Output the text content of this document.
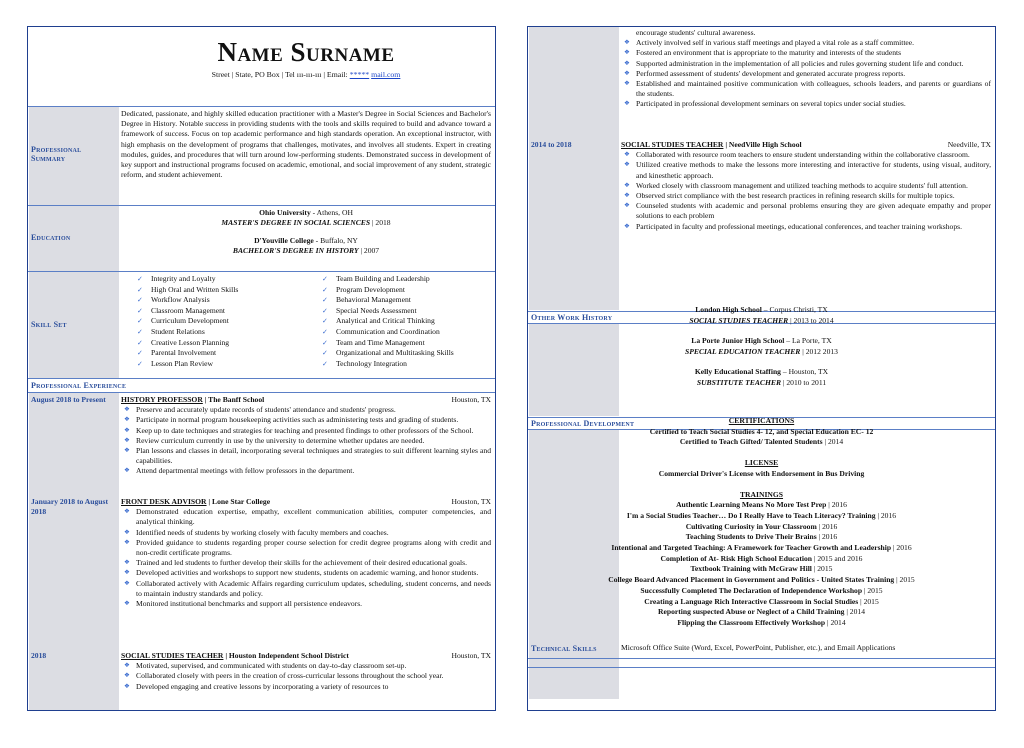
Name Surname
Street | State, PO Box | Tel ııı-ııı-ııı | Email: ***** mail.com
Professional Summary
Dedicated, passionate, and highly skilled education practitioner with a Master's Degree in Social Sciences and Bachelor's Degree in History. Notable success in providing students with the tools and skills required to build and advance toward a framework of success. Focus on top academic performance and high standards operation. An exceptional instructor, with high emphasis on the development of programs that challenges, motivates, and involves all students. Expert in creating modules, guides, and procedures that will turn around low-performing students. Demonstrated success in development of key support and instructional programs focused on academic, emotional, and social improvement of any student, strategic reform, and student achievement.
Education
Ohio University - Athens, OH
MASTER'S DEGREE IN SOCIAL SCIENCES | 2018
D'Youville College - Buffalo, NY
BACHELOR'S DEGREE IN HISTORY | 2007
Skill Set
✓ Integrity and Loyalty
✓ High Oral and Written Skills
✓ Workflow Analysis
✓ Classroom Management
✓ Curriculum Development
✓ Student Relations
✓ Creative Lesson Planning
✓ Parental Involvement
✓ Lesson Plan Review
✓ Team Building and Leadership
✓ Program Development
✓ Behavioral Management
✓ Special Needs Assessment
✓ Analytical and Critical Thinking
✓ Communication and Coordination
✓ Team and Time Management
✓ Organizational and Multitasking Skills
✓ Technology Integration
Professional Experience
August 2018 to Present	HISTORY PROFESSOR | The Banff School	Houston, TX
❖ Preserve and accurately update records of students' attendance and students' progress.
❖ Participate in normal program housekeeping activities such as administering tests and grading of students.
❖ Keep up to date techniques and strategies for teaching and presented findings to other professors of the School.
❖ Review curriculum currently in use by the university to determine whether updates are needed.
❖ Plan lessons and classes in detail, incorporating several techniques and strategies to suit different learning styles and capabilities.
❖ Attend departmental meetings with fellow professors in the department.
January 2018 to August 2018
FRONT DESK ADVISOR | Lone Star College	Houston, TX
❖ Demonstrated education expertise, empathy, excellent communication abilities, computer competencies, and analytical thinking.
❖ Identified needs of students by working closely with faculty members and coaches.
❖ Provided guidance to students regarding proper course selection for credit degree programs along with credit and non-credit certificate programs.
❖ Trained and led students to further develop their skills for the achievement of their desired educational goals.
❖ Developed activities and workshops to support new students, students on academic warning, and honor students.
❖ Collaborated actively with Academic Affairs regarding curriculum updates, scheduling, student concerns, and needs to maintain industry standards and policy.
❖ Monitored institutional benchmarks and support all persistence endeavors.
2018	SOCIAL STUDIES TEACHER | Houston Independent School District	Houston, TX
❖ Motivated, supervised, and communicated with students on day-to-day classroom set-up.
❖ Collaborated closely with peers in the creation of cross-curricular lessons throughout the school year.
❖ Developed engaging and creative lessons by incorporating a variety of resources to
encourage students' cultural awareness.
❖ Actively involved self in various staff meetings and played a vital role as a staff committee.
❖ Fostered an environment that is appropriate to the maturity and interests of the students
❖ Supported administration in the implementation of all policies and rules governing student life and conduct.
❖ Performed assessment of students' development and generated accurate progress reports.
❖ Established and maintained positive communication with colleagues, schools leaders, and parents or guardians of the students.
❖ Participated in professional development seminars on several topics under social studies.
2014 to 2018	SOCIAL STUDIES TEACHER | NeedVille High School	Needville, TX
❖ Collaborated with resource room teachers to ensure student understanding within the collaborative classroom.
❖ Utilized creative methods to make the lessons more interesting and interactive for students, using visual, auditory, and kinesthetic approach.
❖ Worked closely with classroom management and utilized teaching methods to acquire students' full attention.
❖ Observed strict compliance with the best research practices in refining research skills for multiple topics.
❖ Counseled students with academic and personal problems ensuring they are given adequate empathy and proper solutions to each problem
❖ Participated in faculty and professional meetings, educational conferences, and teacher training workshops.
Other Work History
London High School – Corpus Christi, TX
SOCIAL STUDIES TEACHER | 2013 to 2014
La Porte Junior High School – La Porte, TX
SPECIAL EDUCATION TEACHER | 2012 2013
Kelly Educational Staffing – Houston, TX
SUBSTITUTE TEACHER | 2010 to 2011
Professional Development	CERTIFICATIONS
Certified to Teach Social Studies 4- 12, and Special Education EC- 12
Certified to Teach Gifted/ Talented Students | 2014
LICENSE
Commercial Driver's License with Endorsement in Bus Driving
TRAININGS
Authentic Learning Means No More Test Prep | 2016
I'm a Social Studies Teacher… Do I Really Have to Teach Literacy? Training | 2016
Cultivating Curiosity in Your Classroom | 2016
Teaching Students to Drive Their Brains | 2016
Intentional and Targeted Teaching: A Framework for Teacher Growth and Leadership | 2016
Completion of At- Risk High School Education | 2015 and 2016
Textbook Training with McGraw Hill | 2015
College Board Advanced Placement in Government and Politics - United States Training | 2015
Successfully Completed The Declaration of Independence Workshop | 2015
Creating a Language Rich Interactive Classroom in Social Studies | 2015
Reporting suspected Abuse or Neglect of a Child Training | 2014
Flipping the Classroom Effectively Workshop | 2014
Technical Skills	Microsoft Office Suite (Word, Excel, PowerPoint, Publisher, etc.), and Email Applications
